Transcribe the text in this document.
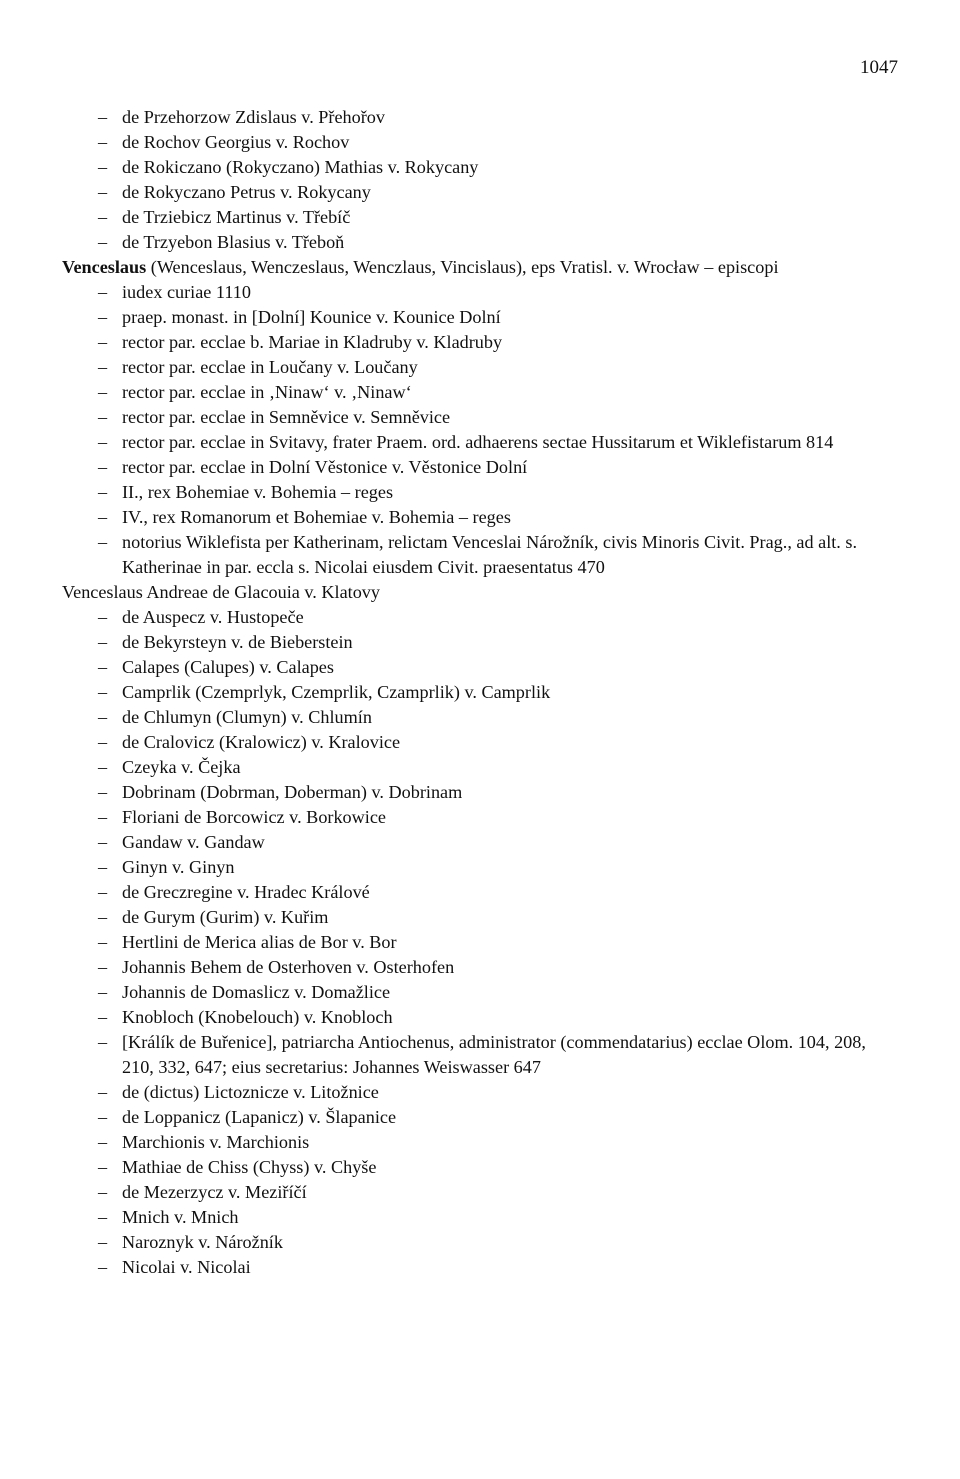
1047
– de Przehorzow Zdislaus v. Přehořov
– de Rochov Georgius v. Rochov
– de Rokiczano (Rokyczano) Mathias v. Rokycany
– de Rokyczano Petrus v. Rokycany
– de Trziebicz Martinus v. Třebíč
– de Trzyebon Blasius v. Třeboň
Venceslaus (Wenceslaus, Wenczeslaus, Wenczlaus, Vincislaus), eps Vratisl. v. Wrocław – episcopi
– iudex curiae 1110
– praep. monast. in [Dolní] Kounice v. Kounice Dolní
– rector par. ecclae b. Mariae in Kladruby v. Kladruby
– rector par. ecclae in Loučany v. Loučany
– rector par. ecclae in ‚Ninaw‘ v. ‚Ninaw‘
– rector par. ecclae in Semněvice v. Semněvice
– rector par. ecclae in Svitavy, frater Praem. ord. adhaerens sectae Hussitarum et Wiklefistarum 814
– rector par. ecclae in Dolní Věstonice v. Věstonice Dolní
– II., rex Bohemiae v. Bohemia – reges
– IV., rex Romanorum et Bohemiae v. Bohemia – reges
– notorius Wiklefista per Katherinam, relictam Venceslai Nárožník, civis Minoris Civit. Prag., ad alt. s. Katherinae in par. eccla s. Nicolai eiusdem Civit. praesentatus 470
Venceslaus Andreae de Glacouia v. Klatovy
– de Auspecz v. Hustopeče
– de Bekyrsteyn v. de Bieberstein
– Calapes (Calupes) v. Calapes
– Camprlik (Czemprlyk, Czemprlik, Czamprlik) v. Camprlik
– de Chlumyn (Clumyn) v. Chlumín
– de Cralovicz (Kralowicz) v. Kralovice
– Czeyka v. Čejka
– Dobrinam (Dobrman, Doberman) v. Dobrinam
– Floriani de Borcowicz v. Borkowice
– Gandaw v. Gandaw
– Ginyn v. Ginyn
– de Greczregine v. Hradec Králové
– de Gurym (Gurim) v. Kuřim
– Hertlini de Merica alias de Bor v. Bor
– Johannis Behem de Osterhoven v. Osterhofen
– Johannis de Domaslicz v. Domažlice
– Knobloch (Knobelouch) v. Knobloch
– [Králík de Buřenice], patriarcha Antiochenus, administrator (commendatarius) ecclae Olom. 104, 208, 210, 332, 647; eius secretarius: Johannes Weiswasser 647
– de (dictus) Lictoznicze v. Litožnice
– de Loppanicz (Lapanicz) v. Šlapanice
– Marchionis v. Marchionis
– Mathiae de Chiss (Chyss) v. Chyše
– de Mezerzycz v. Meziříčí
– Mnich v. Mnich
– Naroznyk v. Nárožník
– Nicolai v. Nicolai
